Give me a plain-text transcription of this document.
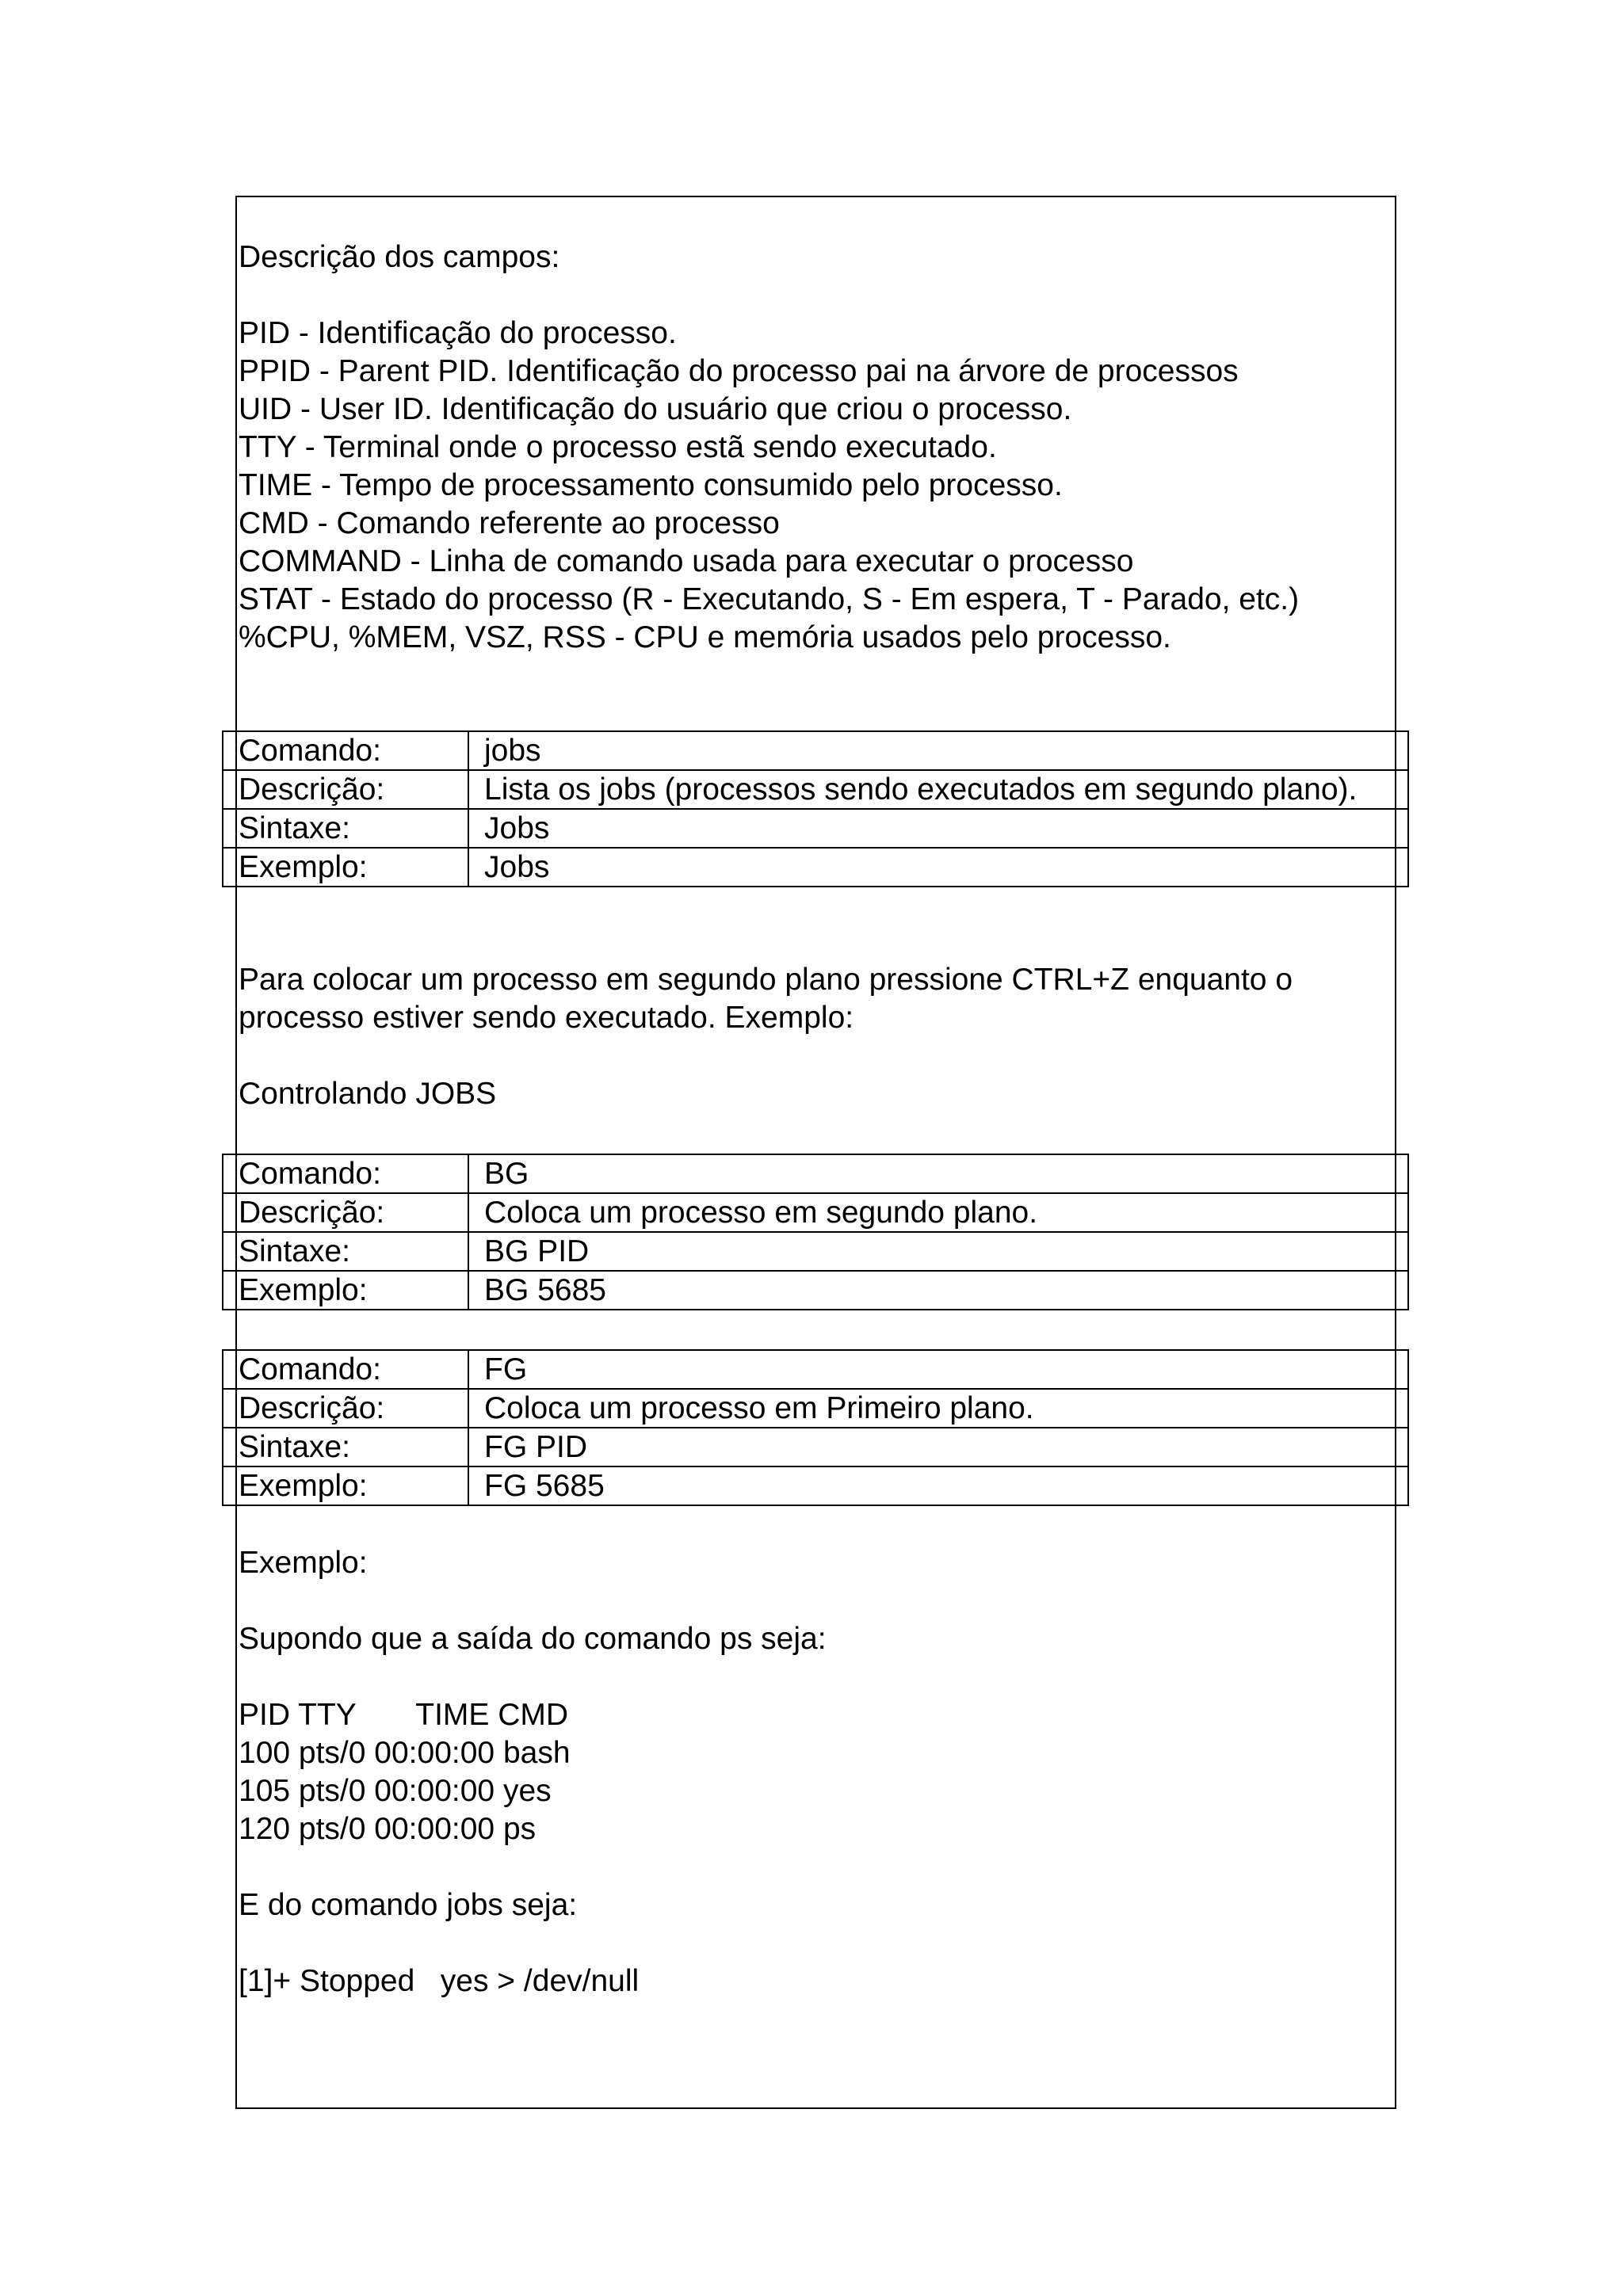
Descrição dos campos:

PID - Identificação do processo.

PPID - Parent PID. Identificação do processo pai na árvore de processos

UID - User ID. Identificação do usuário que criou o processo.

TTY - Terminal onde o processo estã sendo executado.

TIME - Tempo de processamento consumido pelo processo.

CMD - Comando referente ao processo

COMMAND - Linha de comando usada para executar o processo

STAT - Estado do processo (R - Executando, S - Em espera, T - Parado, etc.)

%CPU, %MEM, VSZ, RSS - CPU e memória usados pelo processo.

Comando:	jobs
Descrição:	Lista os jobs (processos sendo executados em segundo plano).
Sintaxe:	Jobs
Exemplo:	Jobs

Para colocar um processo em segundo plano pressione CTRL+Z enquanto o

processo estiver sendo executado. Exemplo:

Controlando JOBS

Comando:	BG
Descrição:	Coloca um processo em segundo plano.
Sintaxe:	BG PID
Exemplo:	BG 5685
Comando:	FG
Descrição:	Coloca um processo em Primeiro plano.
Sintaxe:	FG PID
Exemplo:	FG 5685

Exemplo:

Supondo que a saída do comando ps seja:

PID TTY       TIME CMD

100 pts/0 00:00:00 bash

105 pts/0 00:00:00 yes

120 pts/0 00:00:00 ps

E do comando jobs seja:

[1]+ Stopped   yes > /dev/null
